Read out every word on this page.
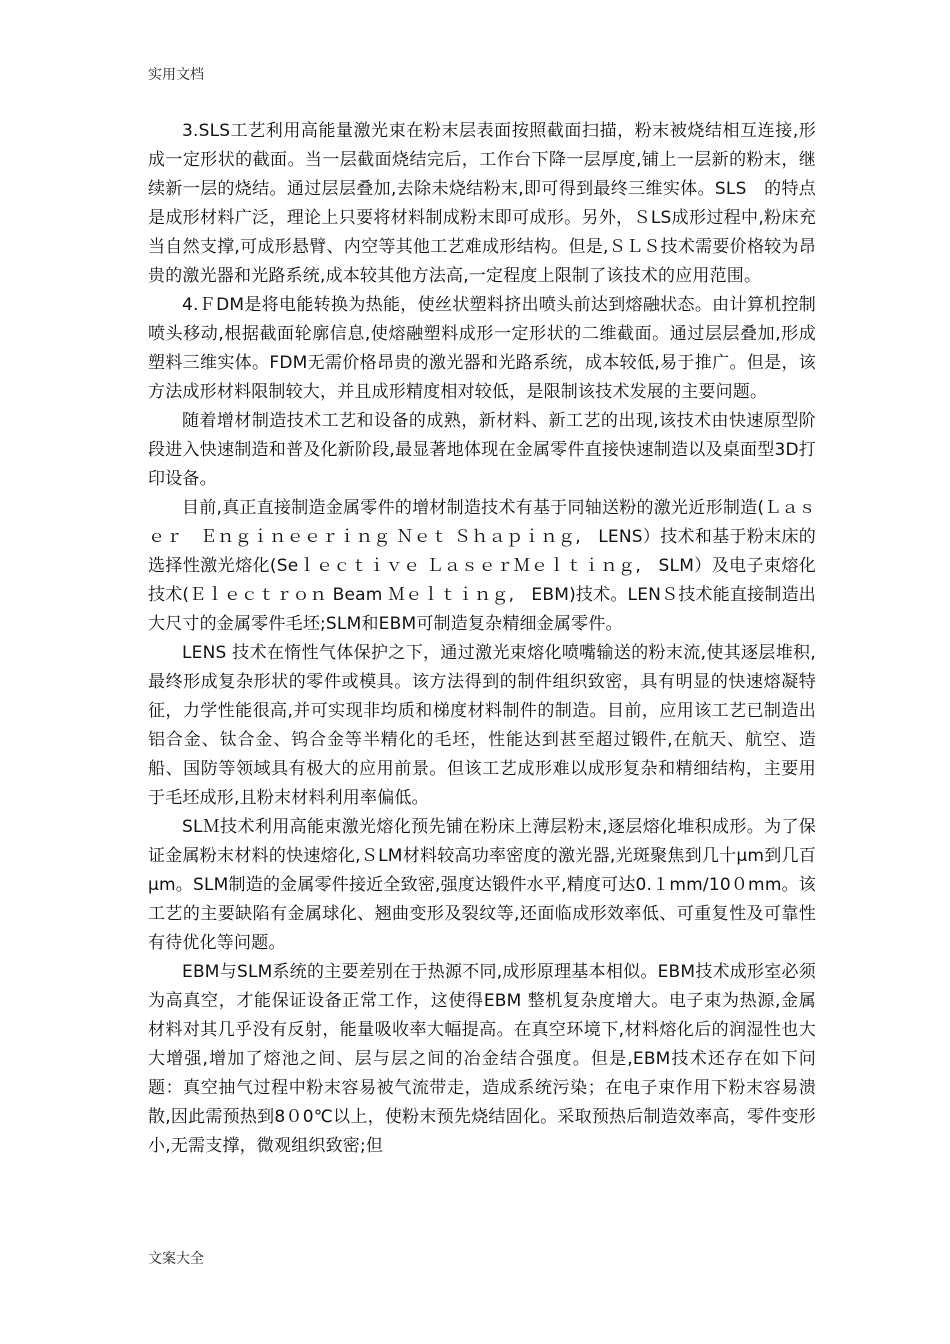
实用文档

3.SLS工艺利用高能量激光束在粉末层表面按照截面扫描，粉末被烧结相互连接,形成一定形状的截面。当一层截面烧结完后，工作台下降一层厚度,铺上一层新的粉末，继续新一层的烧结。通过层层叠加,去除未烧结粉末,即可得到最终三维实体。SLS　的特点是成形材料广泛，理论上只要将材料制成粉末即可成形。另外，ＳLS成形过程中,粉床充当自然支撑,可成形悬臂、内空等其他工艺难成形结构。但是,ＳＬＳ技术需要价格较为昂贵的激光器和光路系统,成本较其他方法高,一定程度上限制了该技术的应用范围。

4.ＦDM是将电能转换为热能，使丝状塑料挤出喷头前达到熔融状态。由计算机控制喷头移动,根据截面轮廓信息,使熔融塑料成形一定形状的二维截面。通过层层叠加,形成塑料三维实体。FDM无需价格昂贵的激光器和光路系统，成本较低,易于推广。但是，该方法成形材料限制较大，并且成形精度相对较低，是限制该技术发展的主要问题。

随着增材制造技术工艺和设备的成熟，新材料、新工艺的出现,该技术由快速原型阶段进入快速制造和普及化新阶段,最显著地体现在金属零件直接快速制造以及桌面型3D打印设备。

目前,真正直接制造金属零件的增材制造技术有基于同轴送粉的激光近形制造(Ｌａｓｅｒ　Ｅｎｇｉｎｅｅｒｉｎｇ Ｎｅｔ Ｓｈａｐｉｎｇ,　LENS）技术和基于粉末床的选择性激光熔化(Seｌｅｃｔｉｖｅ ＬａｓｅｒＭｅｌｔｉｎｇ,　SLM）及电子束熔化技术(Ｅｌｅｃｔｒｏｎ Beam Ｍｅｌｔｉｎｇ,　EBM)技术。LENＳ技术能直接制造出大尺寸的金属零件毛坯;SLM和EBM可制造复杂精细金属零件。

LENS 技术在惰性气体保护之下，通过激光束熔化喷嘴输送的粉末流,使其逐层堆积,最终形成复杂形状的零件或模具。该方法得到的制件组织致密，具有明显的快速熔凝特征，力学性能很高,并可实现非均质和梯度材料制件的制造。目前，应用该工艺已制造出铝合金、钛合金、钨合金等半精化的毛坯，性能达到甚至超过锻件,在航天、航空、造船、国防等领域具有极大的应用前景。但该工艺成形难以成形复杂和精细结构，主要用于毛坯成形,且粉末材料利用率偏低。

SLＭ技术利用高能束激光熔化预先铺在粉床上薄层粉末,逐层熔化堆积成形。为了保证金属粉末材料的快速熔化,ＳLM材料较高功率密度的激光器,光斑聚焦到几十μm到几百μm。SLM制造的金属零件接近全致密,强度达锻件水平,精度可达0.１mm/10０mm。该工艺的主要缺陷有金属球化、翘曲变形及裂纹等,还面临成形效率低、可重复性及可靠性有待优化等问题。

EBM与SLM系统的主要差别在于热源不同,成形原理基本相似。EBM技术成形室必须为高真空，才能保证设备正常工作，这使得EBM 整机复杂度增大。电子束为热源,金属材料对其几乎没有反射，能量吸收率大幅提高。在真空环境下,材料熔化后的润湿性也大大增强,增加了熔池之间、层与层之间的冶金结合强度。但是,EBM技术还存在如下问题：真空抽气过程中粉末容易被气流带走，造成系统污染；在电子束作用下粉末容易溃散,因此需预热到8０0℃以上，使粉末预先烧结固化。采取预热后制造效率高，零件变形小,无需支撑，微观组织致密;但

文案大全
